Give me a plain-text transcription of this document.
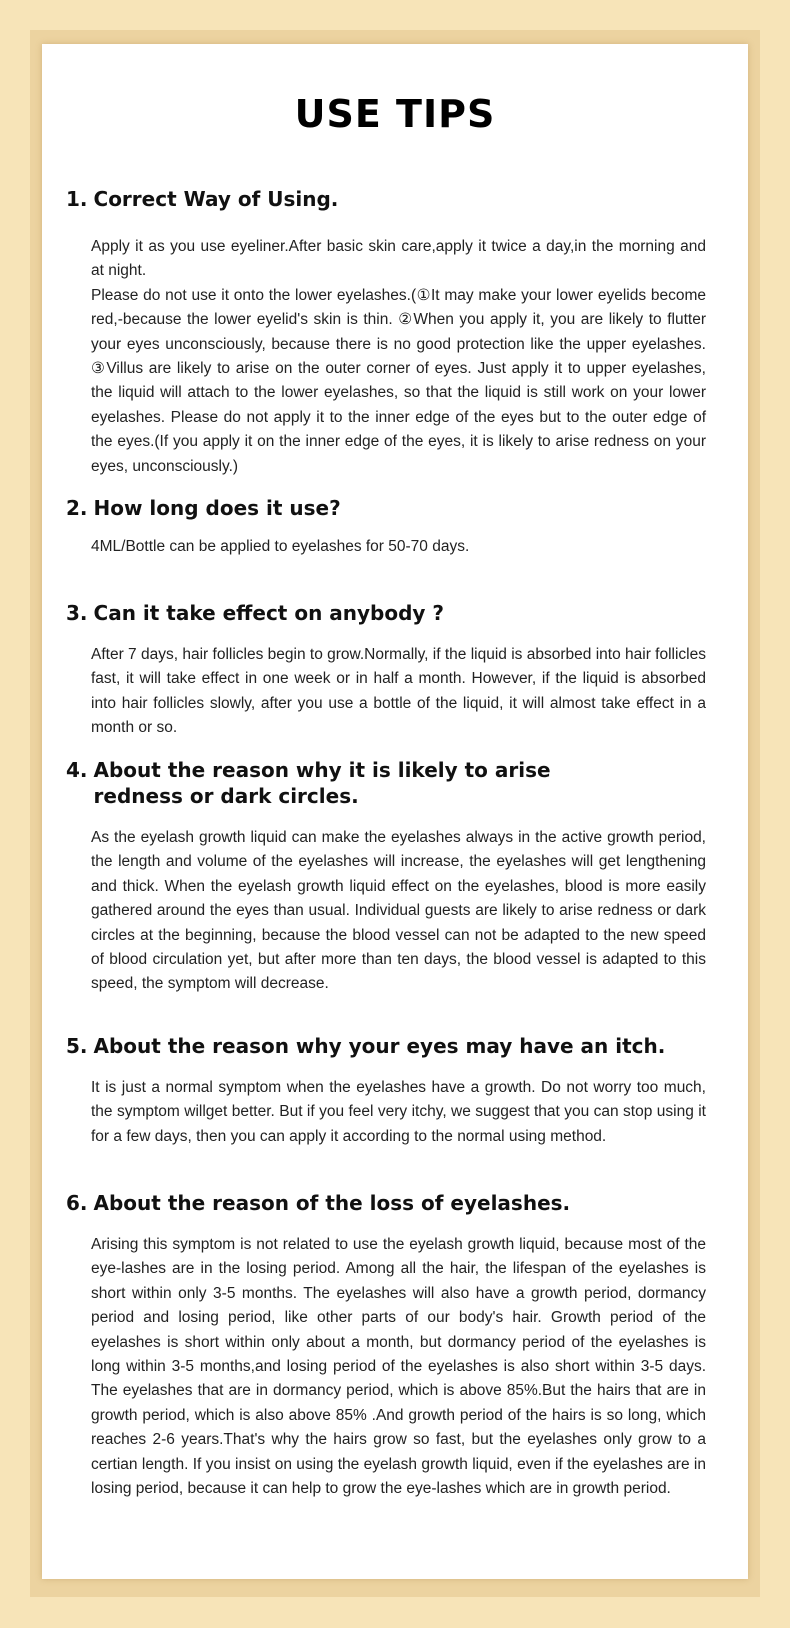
USE TIPS
1. Correct Way of Using.

Apply it as you use eyeliner.After basic skin care,apply it twice a day,in the morning and at night.

Please do not use it onto the lower eyelashes.(①It may make your lower eyelids become red,-because the lower eyelid's skin is thin. ②When you apply it, you are likely to flutter your eyes unconsciously, because there is no good protection like the upper eyelashes. ③Villus are likely to arise on the outer corner of eyes. Just apply it to upper eyelashes, the liquid will attach to the lower eyelashes, so that the liquid is still work on your lower eyelashes. Please do not apply it to the inner edge of the eyes but to the outer edge of the eyes.(If you apply it on the inner edge of the eyes, it is likely to arise redness on your eyes, unconsciously.)

2. How long does it use?

4ML/Bottle can be applied to eyelashes for 50-70 days.

3. Can it take effect on anybody ?

After 7 days, hair follicles begin to grow.Normally, if the liquid is absorbed into hair follicles fast, it will take effect in one week or in half a month. However, if the liquid is absorbed into hair follicles slowly, after you use a bottle of the liquid, it will almost take effect in a month or so.

4. About the reason why it is likely to arise redness or dark circles.

As the eyelash growth liquid can make the eyelashes always in the active growth period, the length and volume of the eyelashes will increase, the eyelashes will get lengthening and thick. When the eyelash growth liquid effect on the eyelashes, blood is more easily gathered around the eyes than usual. Individual guests are likely to arise redness or dark circles at the beginning, because the blood vessel can not be adapted to the new speed of blood circulation yet, but after more than ten days, the blood vessel is adapted to this speed, the symptom will decrease.

5. About the reason why your eyes may have an itch.

It is just a normal symptom when the eyelashes have a growth. Do not worry too much, the symptom willget better. But if you feel very itchy, we suggest that you can stop using it for a few days, then you can apply it according to the normal using method.

6. About the reason of the loss of eyelashes.

Arising this symptom is not related to use the eyelash growth liquid, because most of the eye-lashes are in the losing period. Among all the hair, the lifespan of the eyelashes is short within only 3-5 months. The eyelashes will also have a growth period, dormancy period and losing period, like other parts of our body's hair. Growth period of the eyelashes is short within only about a month, but dormancy period of the eyelashes is long within 3-5 months,and losing period of the eyelashes is also short within 3-5 days. The eyelashes that are in dormancy period, which is above 85%.But the hairs that are in growth period, which is also above 85% .And growth period of the hairs is so long, which reaches 2-6 years.That's why the hairs grow so fast, but the eyelashes only grow to a certian length. If you insist on using the eyelash growth liquid, even if the eyelashes are in losing period, because it can help to grow the eye-lashes which are in growth period.
